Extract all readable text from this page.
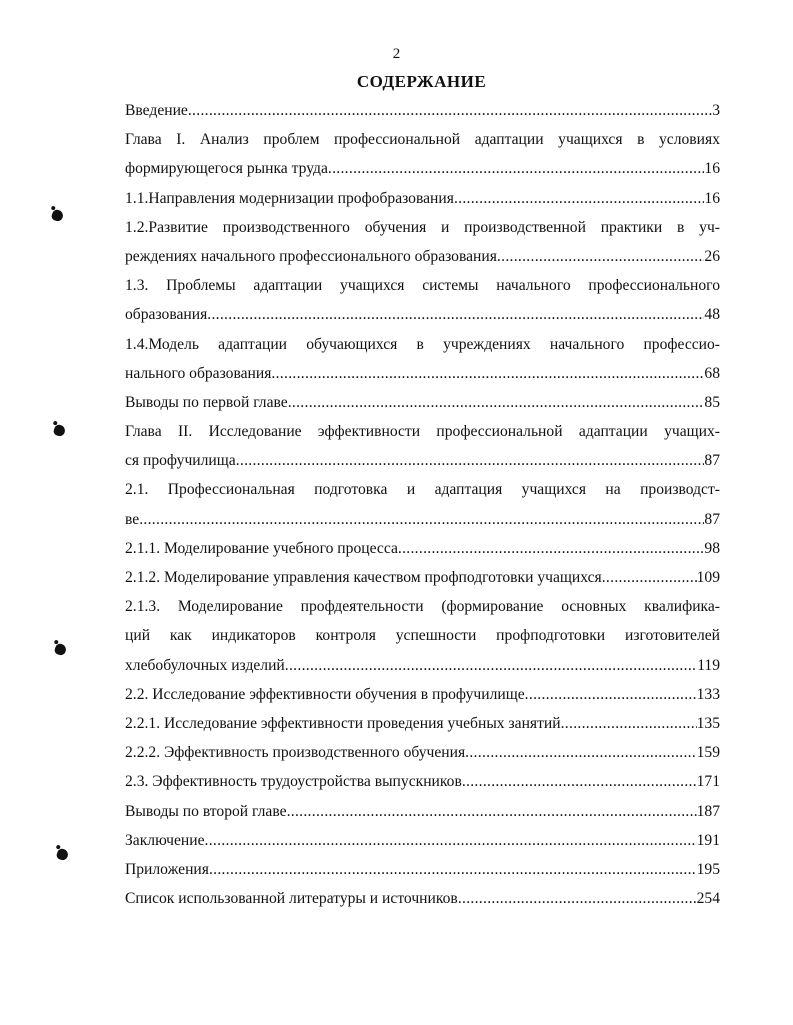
2
СОДЕРЖАНИЕ
Введение .....	3
Глава I. Анализ проблем профессиональной адаптации учащихся в условиях
формирующегося рынка труда .....	16
1.1.Направления модернизации профобразования .....	16
1.2.Развитие производственного обучения и производственной практики в уч-
реждениях начального профессионального образования .....	26
1.3. Проблемы адаптации учащихся системы начального профессионального
образования .....	48
1.4.Модель адаптации обучающихся в учреждениях начального профессио-
нального образования .....	68
Выводы по первой главе .....	85
Глава II. Исследование эффективности профессиональной адаптации учащих-
ся профучилища .....	87
2.1. Профессиональная подготовка и адаптация учащихся на производст-
ве .....	87
2.1.1. Моделирование учебного процесса .....	98
2.1.2. Моделирование управления качеством профподготовки учащихся .....	109
2.1.3. Моделирование профдеятельности (формирование основных квалифика-
ций как индикаторов контроля успешности профподготовки изготовителей
хлебобулочных изделий .....	119
2.2. Исследование эффективности обучения в профучилище .....	133
2.2.1. Исследование эффективности проведения учебных занятий .....	135
2.2.2. Эффективность производственного обучения .....	159
2.3. Эффективность трудоустройства выпускников .....	171
Выводы по второй главе .....	187
Заключение .....	191
Приложения .....	195
Список использованной литературы и источников .....	254
